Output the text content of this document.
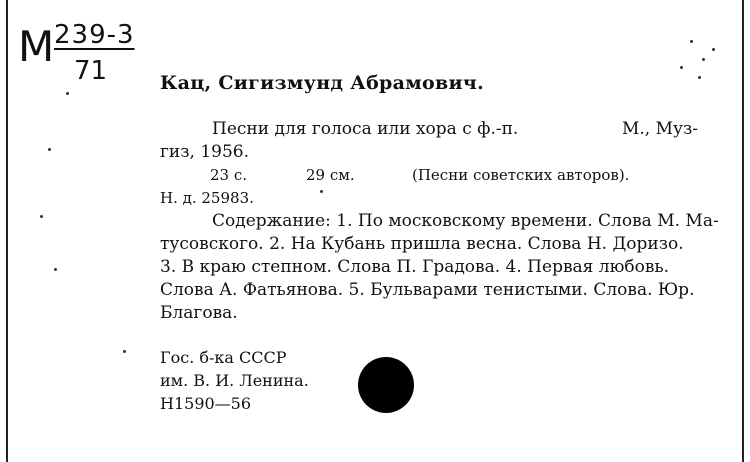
М 239-3
71	Кац, Сигизмунд Абрамович.
Песни для голоса или хора с ф.-п.	М., Муз-
гиз, 1956.
23 с.	29 см.	(Песни советских авторов).
Н. д. 25983.
Содержание: 1. По московскому времени. Слова М. Ма-
тусовского. 2. На Кубань пришла весна. Слова Н. Доризо.
3. В краю степном. Слова П. Градова. 4. Первая любовь.
Слова А. Фатьянова. 5. Бульварами тенистыми. Слова. Юр.
Благова.
Гос. б-ка СССР
им. В. И. Ленина.
Н1590—56
